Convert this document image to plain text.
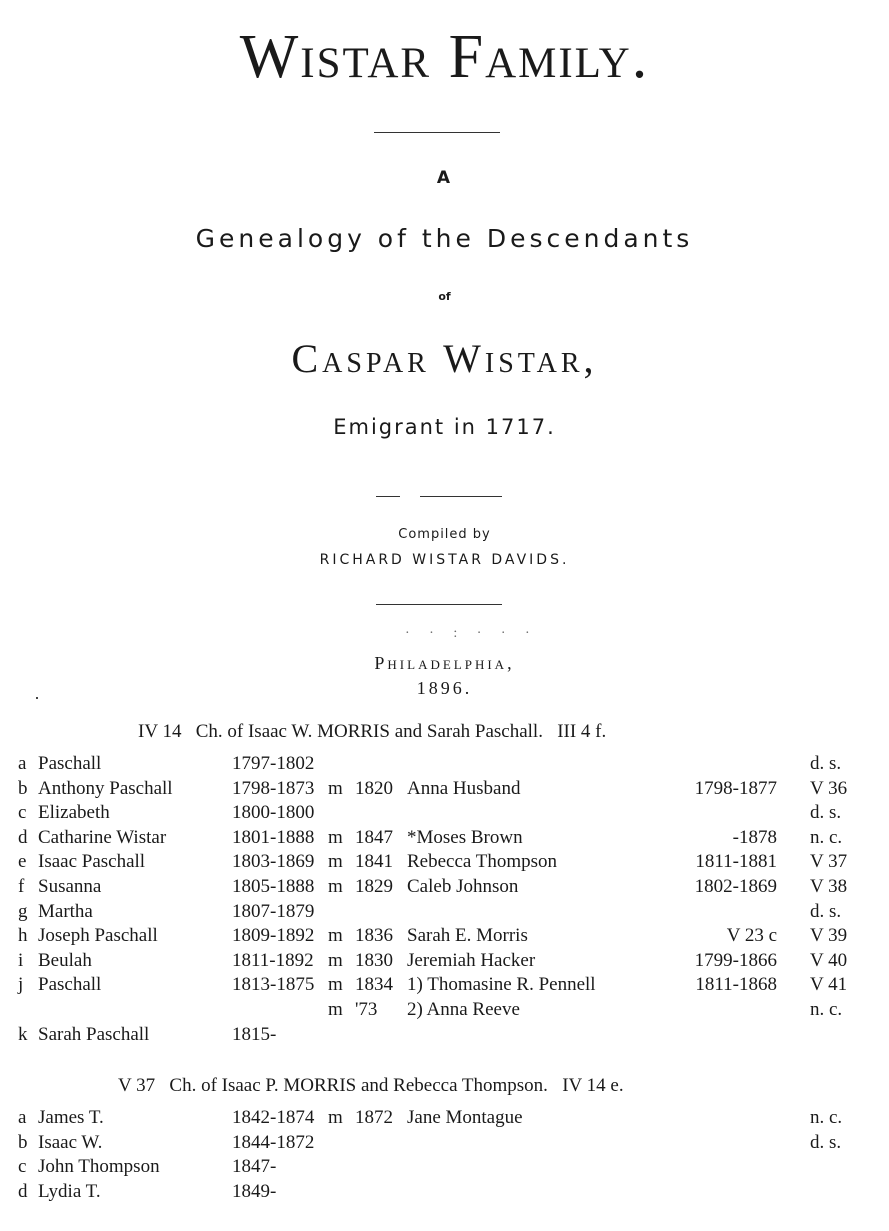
Wistar Family.
A
Genealogy of the Descendants
of
Caspar Wistar,
Emigrant in 1717.
Compiled by
RICHARD WISTAR DAVIDS.
· · : · · ·
Philadelphia,
1896.
IV 14 Ch. of Isaac W. MORRIS and Sarah Paschall. III 4 f.
a Paschall	1797-1802	d. s.
b Anthony Paschall	1798-1873 m 1820 Anna Husband	1798-1877 V 36
c Elizabeth	1800-1800	d. s.
d Catharine Wistar	1801-1888 m 1847 *Moses Brown	-1878 n. c.
e Isaac Paschall	1803-1869 m 1841 Rebecca Thompson	1811-1881 V 37
f Susanna	1805-1888 m 1829 Caleb Johnson	1802-1869 V 38
g Martha	1807-1879	d. s.
h Joseph Paschall	1809-1892 m 1836 Sarah E. Morris	V 23 c V 39
i Beulah	1811-1892 m 1830 Jeremiah Hacker	1799-1866 V 40
j Paschall	1813-1875 m 1834 1) Thomasine R. Pennell	1811-1868 V 41
m '73 2) Anna Reeve	n. c.
k Sarah Paschall	1815-
V 37 Ch. of Isaac P. MORRIS and Rebecca Thompson. IV 14 e.
a James T.	1842-1874 m 1872 Jane Montague	n. c.
b Isaac W.	1844-1872	d. s.
c John Thompson	1847-
d Lydia T.	1849-
